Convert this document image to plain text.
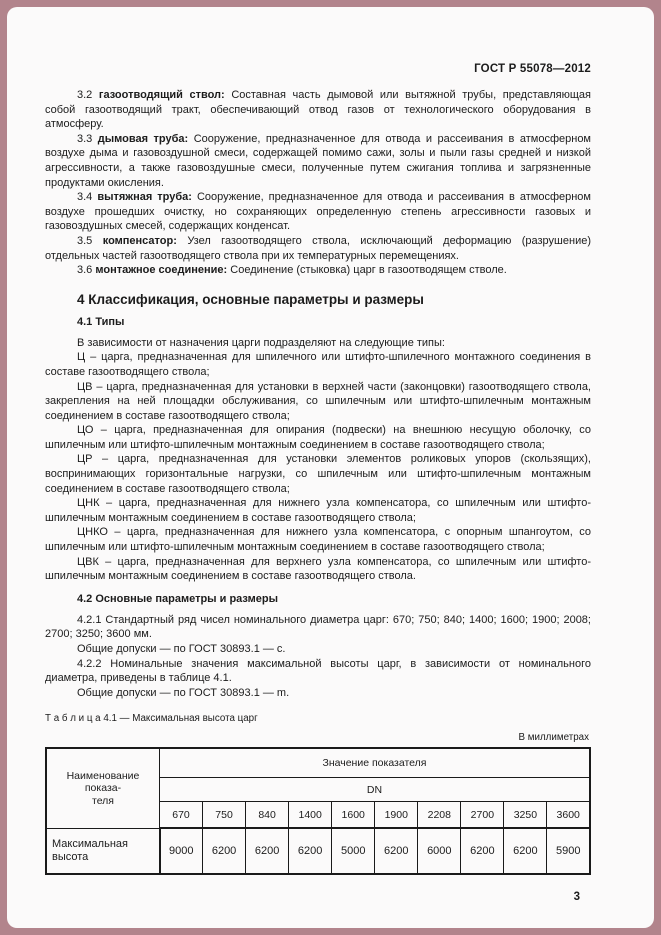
ГОСТ Р 55078—2012

3.2 газоотводящий ствол: Составная часть дымовой или вытяжной трубы, представляющая собой газоотводящий тракт, обеспечивающий отвод газов от технологического оборудования в атмосферу.

3.3 дымовая труба: Сооружение, предназначенное для отвода и рассеивания в атмосферном воздухе дыма и газовоздушной смеси, содержащей помимо сажи, золы и пыли газы средней и низкой агрессивности, а также газовоздушные смеси, полученные путем сжигания топлива и загрязненные продуктами окисления.

3.4 вытяжная труба: Сооружение, предназначенное для отвода и рассеивания в атмосферном воздухе прошедших очистку, но сохраняющих определенную степень агрессивности газовых и газовоздушных смесей, содержащих конденсат.

3.5 компенсатор: Узел газоотводящего ствола, исключающий деформацию (разрушение) отдельных частей газоотводящего ствола при их температурных перемещениях.

3.6 монтажное соединение: Соединение (стыковка) царг в газоотводящем стволе.

4 Классификация, основные параметры и размеры
4.1 Типы

В зависимости от назначения царги подразделяют на следующие типы:

Ц – царга, предназначенная для шпилечного или штифто-шпилечного монтажного соединения в составе газоотводящего ствола;

ЦВ – царга, предназначенная для установки в верхней части (законцовки) газоотводящего ствола, закрепления на ней площадки обслуживания, со шпилечным или штифто-шпилечным монтажным соединением в составе газоотводящего ствола;

ЦО – царга, предназначенная для опирания (подвески) на внешнюю несущую оболочку, со шпилечным или штифто-шпилечным монтажным соединением в составе газоотводящего ствола;

ЦР – царга, предназначенная для установки элементов роликовых упоров (скользящих), воспринимающих горизонтальные нагрузки, со шпилечным или штифто-шпилечным монтажным соединением в составе газоотводящего ствола;

ЦНК – царга, предназначенная для нижнего узла компенсатора, со шпилечным или штифто-шпилечным монтажным соединением в составе газоотводящего ствола;

ЦНКО – царга, предназначенная для нижнего узла компенсатора, с опорным шпангоутом, со шпилечным или штифто-шпилечным монтажным соединением в составе газоотводящего ствола;

ЦВК – царга, предназначенная для верхнего узла компенсатора, со шпилечным или штифто-шпилечным монтажным соединением в составе газоотводящего ствола.

4.2 Основные параметры и размеры

4.2.1 Стандартный ряд чисел номинального диаметра царг: 670; 750; 840; 1400; 1600; 1900; 2008; 2700; 3250; 3600 мм.

Общие допуски — по ГОСТ 30893.1 — c.

4.2.2 Номинальные значения максимальной высоты царг, в зависимости от номинального диаметра, приведены в таблице 4.1.

Общие допуски — по ГОСТ 30893.1 — m.

Т а б л и ц а 4.1 — Максимальная высота царг
В миллиметрах
Наименование показа-
теля	Значение показателя									
	DN									
	670	750	840	1400	1600	1900	2208	2700	3250	3600
Максимальная высота	9000	6200	6200	6200	5000	6200	6000	6200	6200	5900
3
